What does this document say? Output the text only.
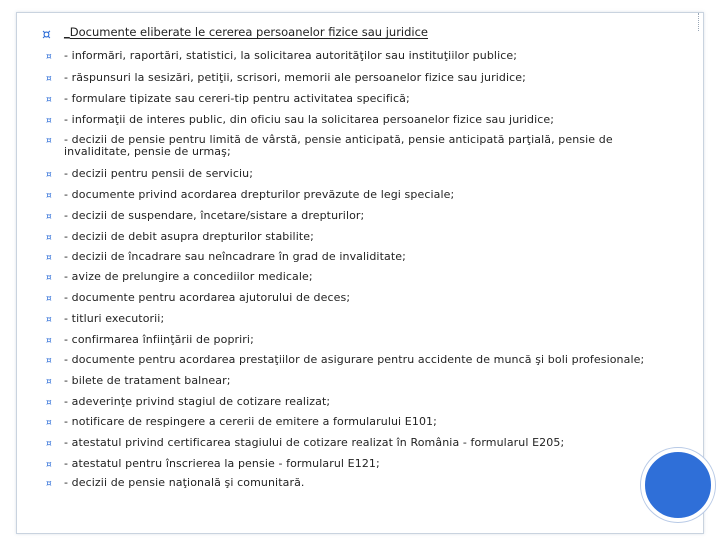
¤	_Documente eliberate le cererea persoanelor fizice sau juridice
¤ - informări, raportări, statistici, la solicitarea autorităţilor sau instituţiilor publice;
¤ - răspunsuri la sesizări, petiţii, scrisori, memorii ale persoanelor fizice sau juridice;
¤ - formulare tipizate sau cereri-tip pentru activitatea specifică;
¤ - informaţii de interes public, din oficiu sau la solicitarea persoanelor fizice sau juridice;
¤ - decizii de pensie pentru limită de vârstă, pensie anticipată, pensie anticipată parţială, pensie de invaliditate, pensie de urmaş;
¤ - decizii pentru pensii de serviciu;
¤ - documente privind acordarea drepturilor prevăzute de legi speciale;
¤ - decizii de suspendare, încetare/sistare a drepturilor;
¤ - decizii de debit asupra drepturilor stabilite;
¤ - decizii de încadrare sau neîncadrare în grad de invaliditate;
¤ - avize de prelungire a concediilor medicale;
¤ - documente pentru acordarea ajutorului de deces;
¤ - titluri executorii;
¤ - confirmarea înfiinţării de popriri;
¤ - documente pentru acordarea prestaţiilor de asigurare pentru accidente de muncă şi boli profesionale;
¤ - bilete de tratament balnear;
¤ - adeverinţe privind stagiul de cotizare realizat;
¤ - notificare de respingere a cererii de emitere a formularului E101;
¤ - atestatul privind certificarea stagiului de cotizare realizat în România - formularul E205;
¤ - atestatul pentru înscrierea la pensie - formularul E121;
¤ - decizii de pensie naţională şi comunitară.
